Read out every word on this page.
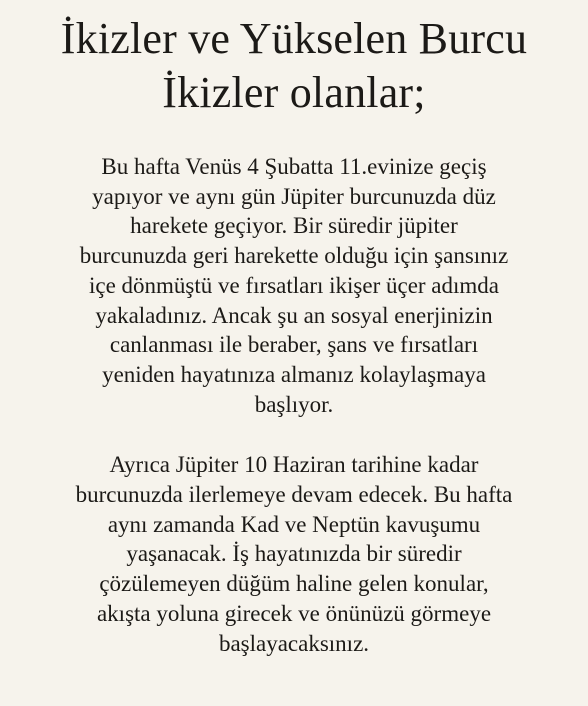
İkizler ve Yükselen Burcu
İkizler olanlar;

Bu hafta Venüs 4 Şubatta 11.evinize geçiş
yapıyor ve aynı gün Jüpiter burcunuzda düz
harekete geçiyor. Bir süredir jüpiter
burcunuzda geri harekette olduğu için şansınız
içe dönmüştü ve fırsatları ikişer üçer adımda
yakaladınız. Ancak şu an sosyal enerjinizin
canlanması ile beraber, şans ve fırsatları
yeniden hayatınıza almanız kolaylaşmaya
başlıyor.

Ayrıca Jüpiter 10 Haziran tarihine kadar
burcunuzda ilerlemeye devam edecek. Bu hafta
aynı zamanda Kad ve Neptün kavuşumu
yaşanacak. İş hayatınızda bir süredir
çözülemeyen düğüm haline gelen konular,
akışta yoluna girecek ve önünüzü görmeye
başlayacaksınız.
